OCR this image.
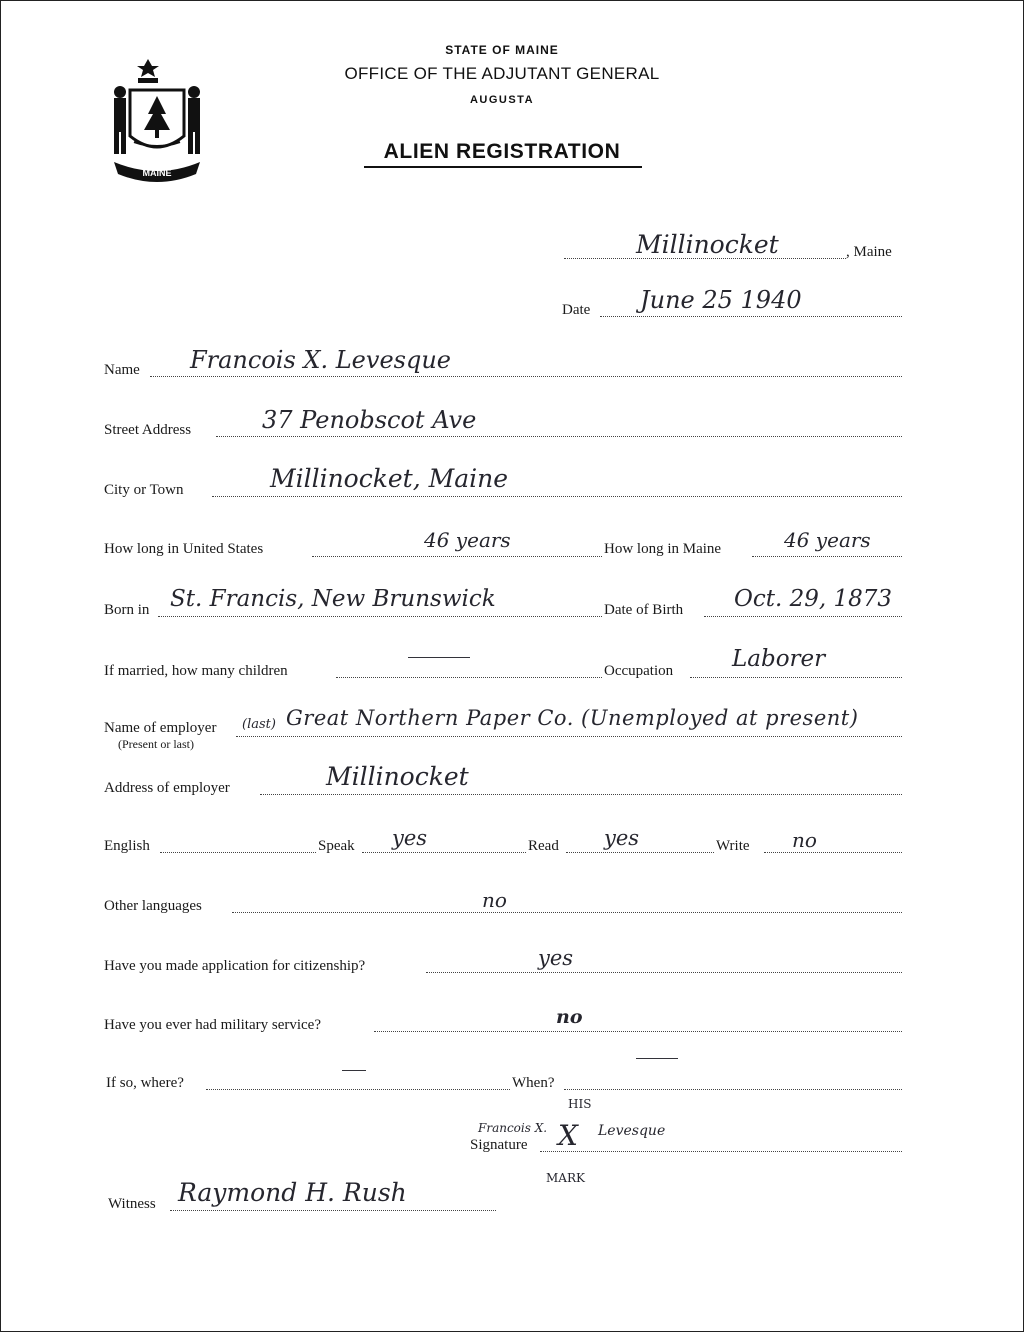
MAINE
STATE OF MAINE
OFFICE OF THE ADJUTANT GENERAL
AUGUSTA
ALIEN REGISTRATION
Millinocket	, Maine
Date June 25 1940
Name Francois X. Levesque
Street Address	37 Penobscot Ave
City or Town	Millinocket, Maine
How long in United States	46 years	How long in Maine	46 years
Born in St. Francis, New Brunswick	Date of Birth Oct. 29, 1873
If married, how many children	Occupation	Laborer
Name of employer
(Present or last)
(last) Great Northern Paper Co. (Unemployed at present)
Address of employer	Millinocket
English	Speak yes	Read yes	Write no
Other languages	no
Have you made application for citizenship?	yes
Have you ever had military service?	no
If so, where?	When?
HIS
Francois X.
Signature X Levesque
MARK
Witness Raymond H. Rush
